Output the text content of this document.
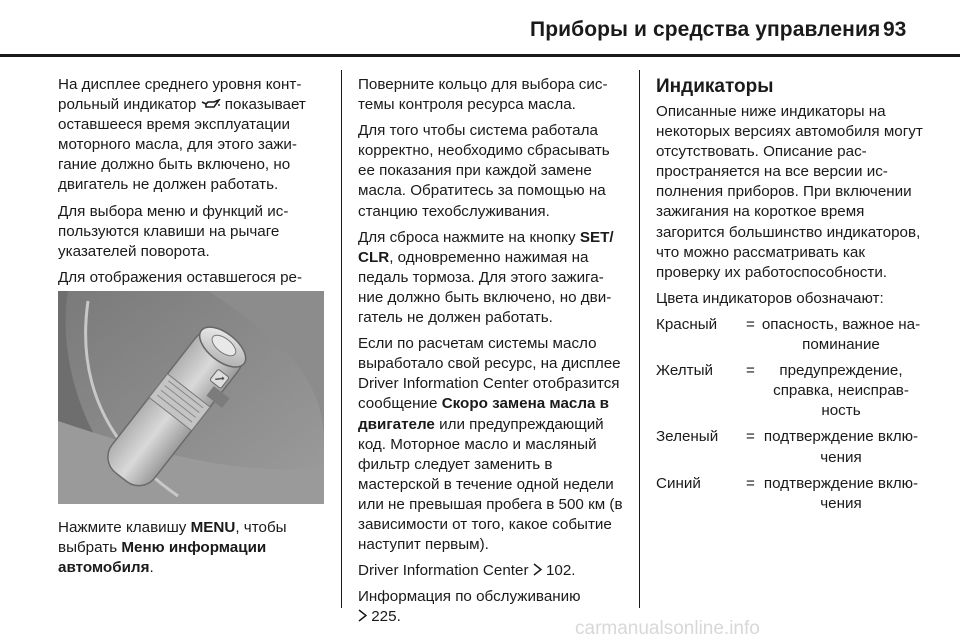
Приборы и средства управления 93

На дисплее среднего уровня контрольный индикатор показывает оставшееся время эксплуатации моторного масла, для этого зажигание должно быть включено, но двигатель не должен работать.

Для выбора меню и функций используются клавиши на рычаге указателей поворота.

Для отображения оставшегося ре

Нажмите клавишу MENU, чтобы выбрать Меню информации автомобиля.

Поверните кольцо для выбора системы контроля ресурса масла.

Для того чтобы система работала корректно, необходимо сбрасывать ее показания при каждой замене масла. Обратитесь за помощью на станцию техобслуживания.

Для сброса нажмите на кнопку SET/ CLR, одновременно нажимая на педаль тормоза. Для этого зажигание должно быть включено, но двигатель не должен работать.

Если по расчетам системы масло выработало свой ресурс, на дисплее Driver Information Center отобразится сообщение Скоро замена масла в двигателе или предупреждающий код. Моторное масло и масляный фильтр следует заменить в мастерской в течение одной недели или не превышая пробега в 500 км (в зависимости от того, какое событие наступит первым).

Driver Information Center 102.

Информация по обслуживанию
225.

Индикаторы

Описанные ниже индикаторы на некоторых версиях автомобиля могут отсутствовать. Описание распространяется на все версии исполнения приборов. При включении зажигания на короткое время загорится большинство индикаторов, что можно рассматривать как проверку их работоспособности.

Цвета индикаторов обозначают:

Красный	=	опасность, важное напоминание
Желтый	=	предупреждение, справка, неисправность
Зеленый	=	подтверждение включения
Синий	=	подтверждение включения
carmanualsonline.info
